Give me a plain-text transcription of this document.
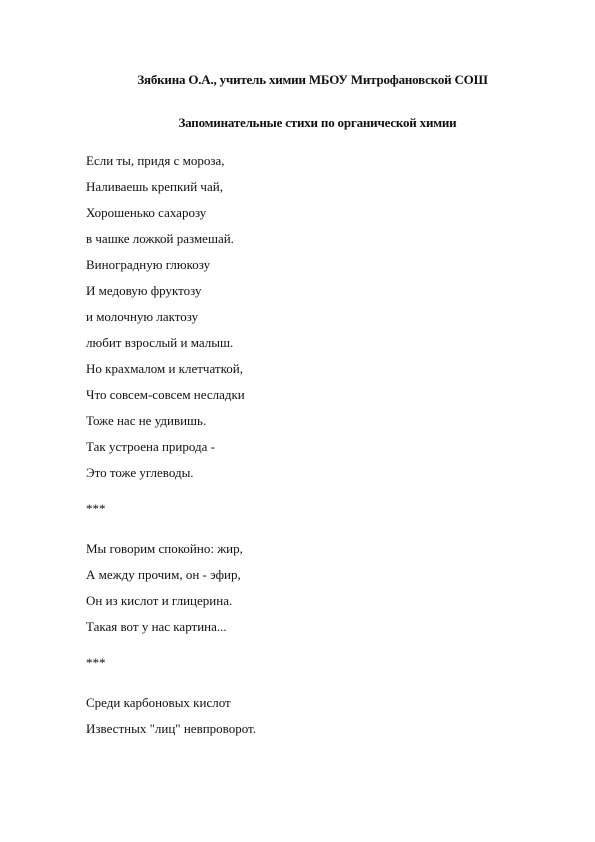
Зябкина О.А., учитель химии МБОУ Митрофановской СОШ
Запоминательные стихи по органической химии
Если ты, придя с мороза,
Наливаешь крепкий чай,
Хорошенько сахарозу
в чашке ложкой размешай.
Виноградную глюкозу
И медовую фруктозу
и молочную лактозу
любит взрослый и малыш.
Но крахмалом и клетчаткой,
Что совсем-совсем несладки
Тоже нас не удивишь.
Так устроена природа -
Это тоже углеводы.
***
Мы говорим спокойно: жир,
А между прочим, он - эфир,
Он из кислот и глицерина.
Такая вот у нас картина...
***
Среди карбоновых кислот
Известных "лиц" невпроворот.
